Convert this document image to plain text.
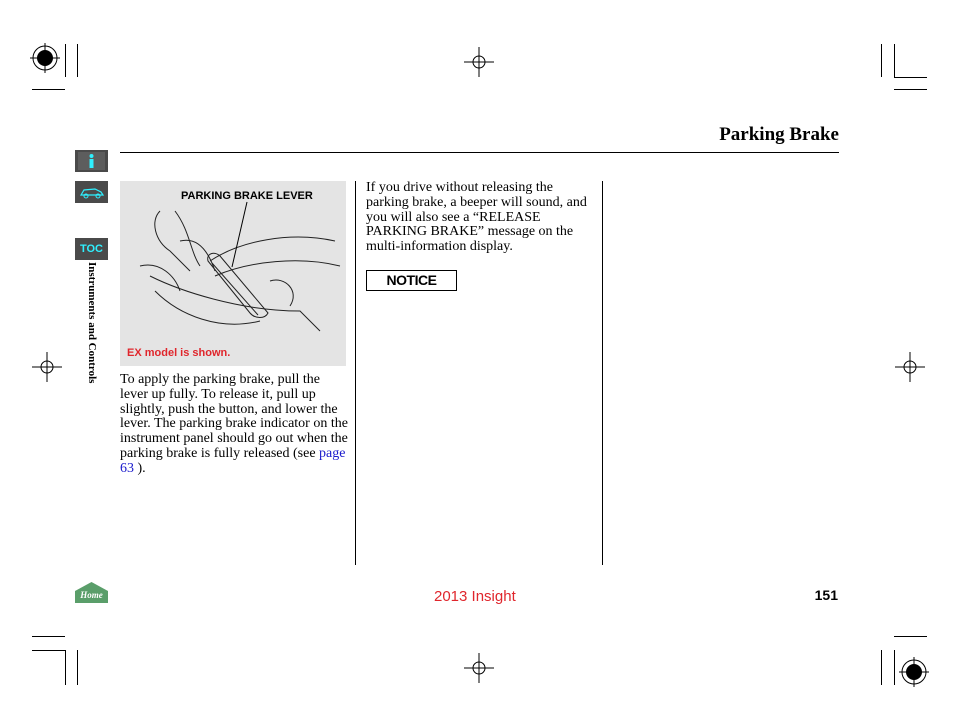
Parking Brake
TOC
Instruments and Controls
PARKING BRAKE LEVER
EX model is shown.
To apply the parking brake, pull the lever up fully. To release it, pull up slightly, push the button, and lower the lever. The parking brake indicator on the instrument panel should go out when the parking brake is fully released (see page 63 ).
If you drive without releasing the parking brake, a beeper will sound, and you will also see a “RELEASE PARKING BRAKE” message on the multi-information display.
NOTICE
Home	2013 Insight	151
